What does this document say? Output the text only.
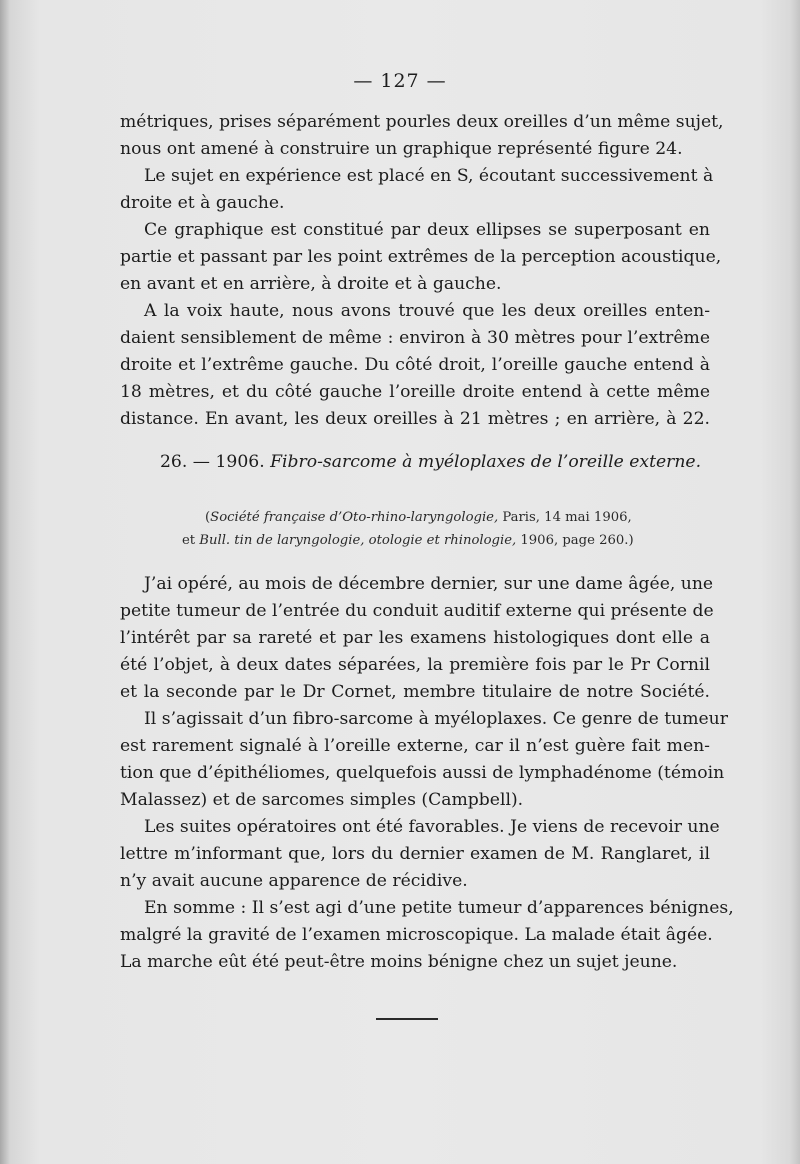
— 127 —
métriques, prises séparément pourles deux oreilles d’un même sujet,
nous ont amené à construire un graphique représenté figure 24.
Le sujet en expérience est placé en S, écoutant successivement à
droite et à gauche.
Ce graphique est constitué par deux ellipses se superposant en
partie et passant par les point extrêmes de la perception acoustique,
en avant et en arrière, à droite et à gauche.
A la voix haute, nous avons trouvé que les deux oreilles enten-
daient sensiblement de même : environ à 30 mètres pour l’extrême
droite et l’extrême gauche. Du côté droit, l’oreille gauche entend à
18 mètres, et du côté gauche l’oreille droite entend à cette même
distance. En avant, les deux oreilles à 21 mètres ; en arrière, à 22.
26. — 1906. Fibro-sarcome à myéloplaxes de l’oreille externe.
(Société française d’Oto-rhino-laryngologie, Paris, 14 mai 1906,
et Bull. tin de laryngologie, otologie et rhinologie, 1906, page 260.)
J’ai opéré, au mois de décembre dernier, sur une dame âgée, une
petite tumeur de l’entrée du conduit auditif externe qui présente de
l’intérêt par sa rareté et par les examens histologiques dont elle a
été l’objet, à deux dates séparées, la première fois par le Pr Cornil
et la seconde par le Dr Cornet, membre titulaire de notre Société.
Il s’agissait d’un fibro-sarcome à myéloplaxes. Ce genre de tumeur
est rarement signalé à l’oreille externe, car il n’est guère fait men-
tion que d’épithéliomes, quelquefois aussi de lymphadénome (témoin
Malassez) et de sarcomes simples (Campbell).
Les suites opératoires ont été favorables. Je viens de recevoir une
lettre m’informant que, lors du dernier examen de M. Ranglaret, il
n’y avait aucune apparence de récidive.
En somme : Il s’est agi d’une petite tumeur d’apparences bénignes,
malgré la gravité de l’examen microscopique. La malade était âgée.
La marche eût été peut-être moins bénigne chez un sujet jeune.
